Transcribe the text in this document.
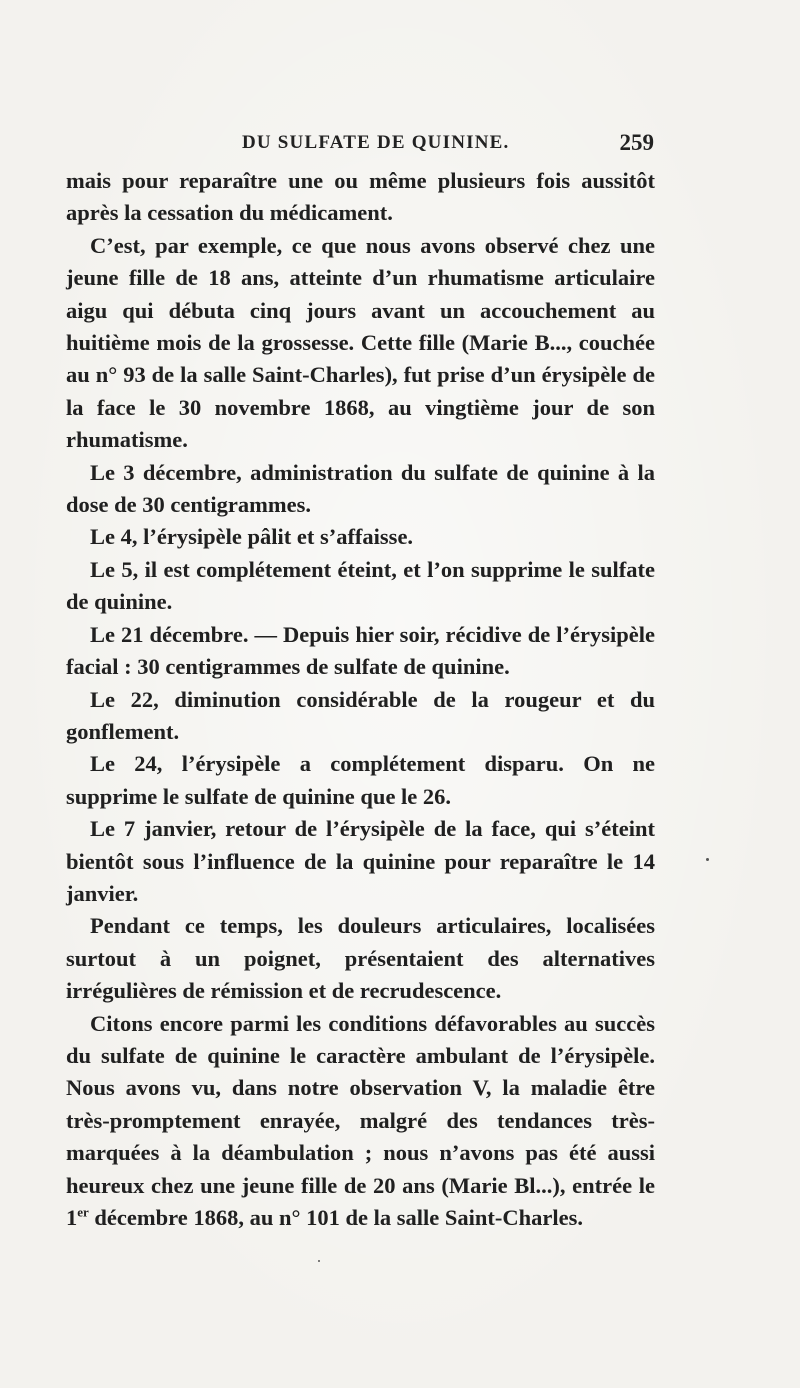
DU SULFATE DE QUININE.	259

mais pour reparaître une ou même plusieurs fois aussitôt après la cessation du médicament.

C’est, par exemple, ce que nous avons observé chez une jeune fille de 18 ans, atteinte d’un rhumatisme articulaire aigu qui débuta cinq jours avant un accouchement au huitième mois de la grossesse. Cette fille (Marie B..., couchée au n° 93 de la salle Saint-Charles), fut prise d’un érysipèle de la face le 30 novembre 1868, au vingtième jour de son rhumatisme.

Le 3 décembre, administration du sulfate de quinine à la dose de 30 centigrammes.

Le 4, l’érysipèle pâlit et s’affaisse.

Le 5, il est complétement éteint, et l’on supprime le sulfate de quinine.

Le 21 décembre. — Depuis hier soir, récidive de l’érysipèle facial : 30 centigrammes de sulfate de quinine.

Le 22, diminution considérable de la rougeur et du gonflement.

Le 24, l’érysipèle a complétement disparu. On ne supprime le sulfate de quinine que le 26.

Le 7 janvier, retour de l’érysipèle de la face, qui s’éteint bientôt sous l’influence de la quinine pour reparaître le 14 janvier.

Pendant ce temps, les douleurs articulaires, localisées surtout à un poignet, présentaient des alternatives irrégulières de rémission et de recrudescence.

Citons encore parmi les conditions défavorables au succès du sulfate de quinine le caractère ambulant de l’érysipèle. Nous avons vu, dans notre observation V, la maladie être très-promptement enrayée, malgré des tendances très-marquées à la déambulation ; nous n’avons pas été aussi heureux chez une jeune fille de 20 ans (Marie Bl...), entrée le 1er décembre 1868, au n° 101 de la salle Saint-Charles.
